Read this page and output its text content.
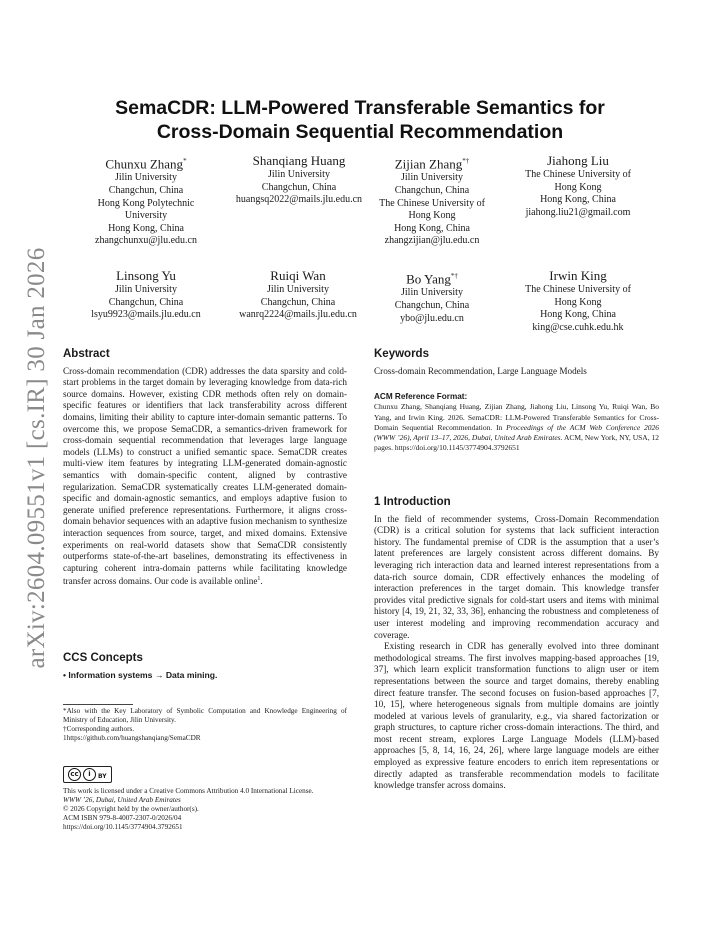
arXiv:2604.09551v1 [cs.IR] 30 Jan 2026
SemaCDR: LLM-Powered Transferable Semantics for
Cross-Domain Sequential Recommendation
Chunxu Zhang*
Jilin University
Changchun, China
Hong Kong Polytechnic
University
Hong Kong, China
zhangchunxu@jlu.edu.cn
Shanqiang Huang
Jilin University
Changchun, China
huangsq2022@mails.jlu.edu.cn
Zijian Zhang*†
Jilin University
Changchun, China
The Chinese University of
Hong Kong
Hong Kong, China
zhangzijian@jlu.edu.cn
Jiahong Liu
The Chinese University of
Hong Kong
Hong Kong, China
jiahong.liu21@gmail.com
Linsong Yu
Jilin University
Changchun, China
lsyu9923@mails.jlu.edu.cn
Ruiqi Wan
Jilin University
Changchun, China
wanrq2224@mails.jlu.edu.cn
Bo Yang*†
Jilin University
Changchun, China
ybo@jlu.edu.cn
Irwin King
The Chinese University of
Hong Kong
Hong Kong, China
king@cse.cuhk.edu.hk
Abstract

Cross-domain recommendation (CDR) addresses the data sparsity and cold-start problems in the target domain by leveraging knowledge from data-rich source domains. However, existing CDR methods often rely on domain-specific features or identifiers that lack transferability across different domains, limiting their ability to capture inter-domain semantic patterns. To overcome this, we propose SemaCDR, a semantics-driven framework for cross-domain sequential recommendation that leverages large language models (LLMs) to construct a unified semantic space. SemaCDR creates multi-view item features by integrating LLM-generated domain-agnostic semantics with domain-specific content, aligned by contrastive regularization. SemaCDR systematically creates LLM-generated domain-specific and domain-agnostic semantics, and employs adaptive fusion to generate unified preference representations. Furthermore, it aligns cross-domain behavior sequences with an adaptive fusion mechanism to synthesize interaction sequences from source, target, and mixed domains. Extensive experiments on real-world datasets show that SemaCDR consistently outperforms state-of-the-art baselines, demonstrating its effectiveness in capturing coherent intra-domain patterns while facilitating knowledge transfer across domains. Our code is available online$^1$.

CCS Concepts

• Information systems → Data mining.

*Also with the Key Laboratory of Symbolic Computation and Knowledge Engineering of Ministry of Education, Jilin University.

†Corresponding authors.

1https://github.com/huangshanqiang/SemaCDR

cc	i	BY

This work is licensed under a Creative Commons Attribution 4.0 International License.

WWW ’26, Dubai, United Arab Emirates

© 2026 Copyright held by the owner/author(s).

ACM ISBN 979-8-4007-2307-0/2026/04

https://doi.org/10.1145/3774904.3792651

Keywords

Cross-domain Recommendation, Large Language Models

ACM Reference Format:

Chunxu Zhang, Shanqiang Huang, Zijian Zhang, Jiahong Liu, Linsong Yu, Ruiqi Wan, Bo Yang, and Irwin King. 2026. SemaCDR: LLM-Powered Transferable Semantics for Cross-Domain Sequential Recommendation. In Proceedings of the ACM Web Conference 2026 (WWW ’26), April 13–17, 2026, Dubai, United Arab Emirates. ACM, New York, NY, USA, 12 pages. https://doi.org/10.1145/3774904.3792651

1 Introduction

In the field of recommender systems, Cross-Domain Recommendation (CDR) is a critical solution for systems that lack sufficient interaction history. The fundamental premise of CDR is the assumption that a user’s latent preferences are largely consistent across different domains. By leveraging rich interaction data and learned interest representations from a data-rich source domain, CDR effectively enhances the modeling of interaction preferences in the target domain. This knowledge transfer provides vital predictive signals for cold-start users and items with minimal history [4, 19, 21, 32, 33, 36], enhancing the robustness and completeness of user interest modeling and improving recommendation accuracy and coverage.

Existing research in CDR has generally evolved into three dominant methodological streams. The first involves mapping-based approaches [19, 37], which learn explicit transformation functions to align user or item representations between the source and target domains, thereby enabling direct feature transfer. The second focuses on fusion-based approaches [7, 10, 15], where heterogeneous signals from multiple domains are jointly modeled at various levels of granularity, e.g., via shared factorization or graph structures, to capture richer cross-domain interactions. The third, and most recent stream, explores Large Language Models (LLM)-based approaches [5, 8, 14, 16, 24, 26], where large language models are either employed as expressive feature encoders to enrich item representations or directly adapted as transferable recommendation models to facilitate knowledge transfer across domains.
